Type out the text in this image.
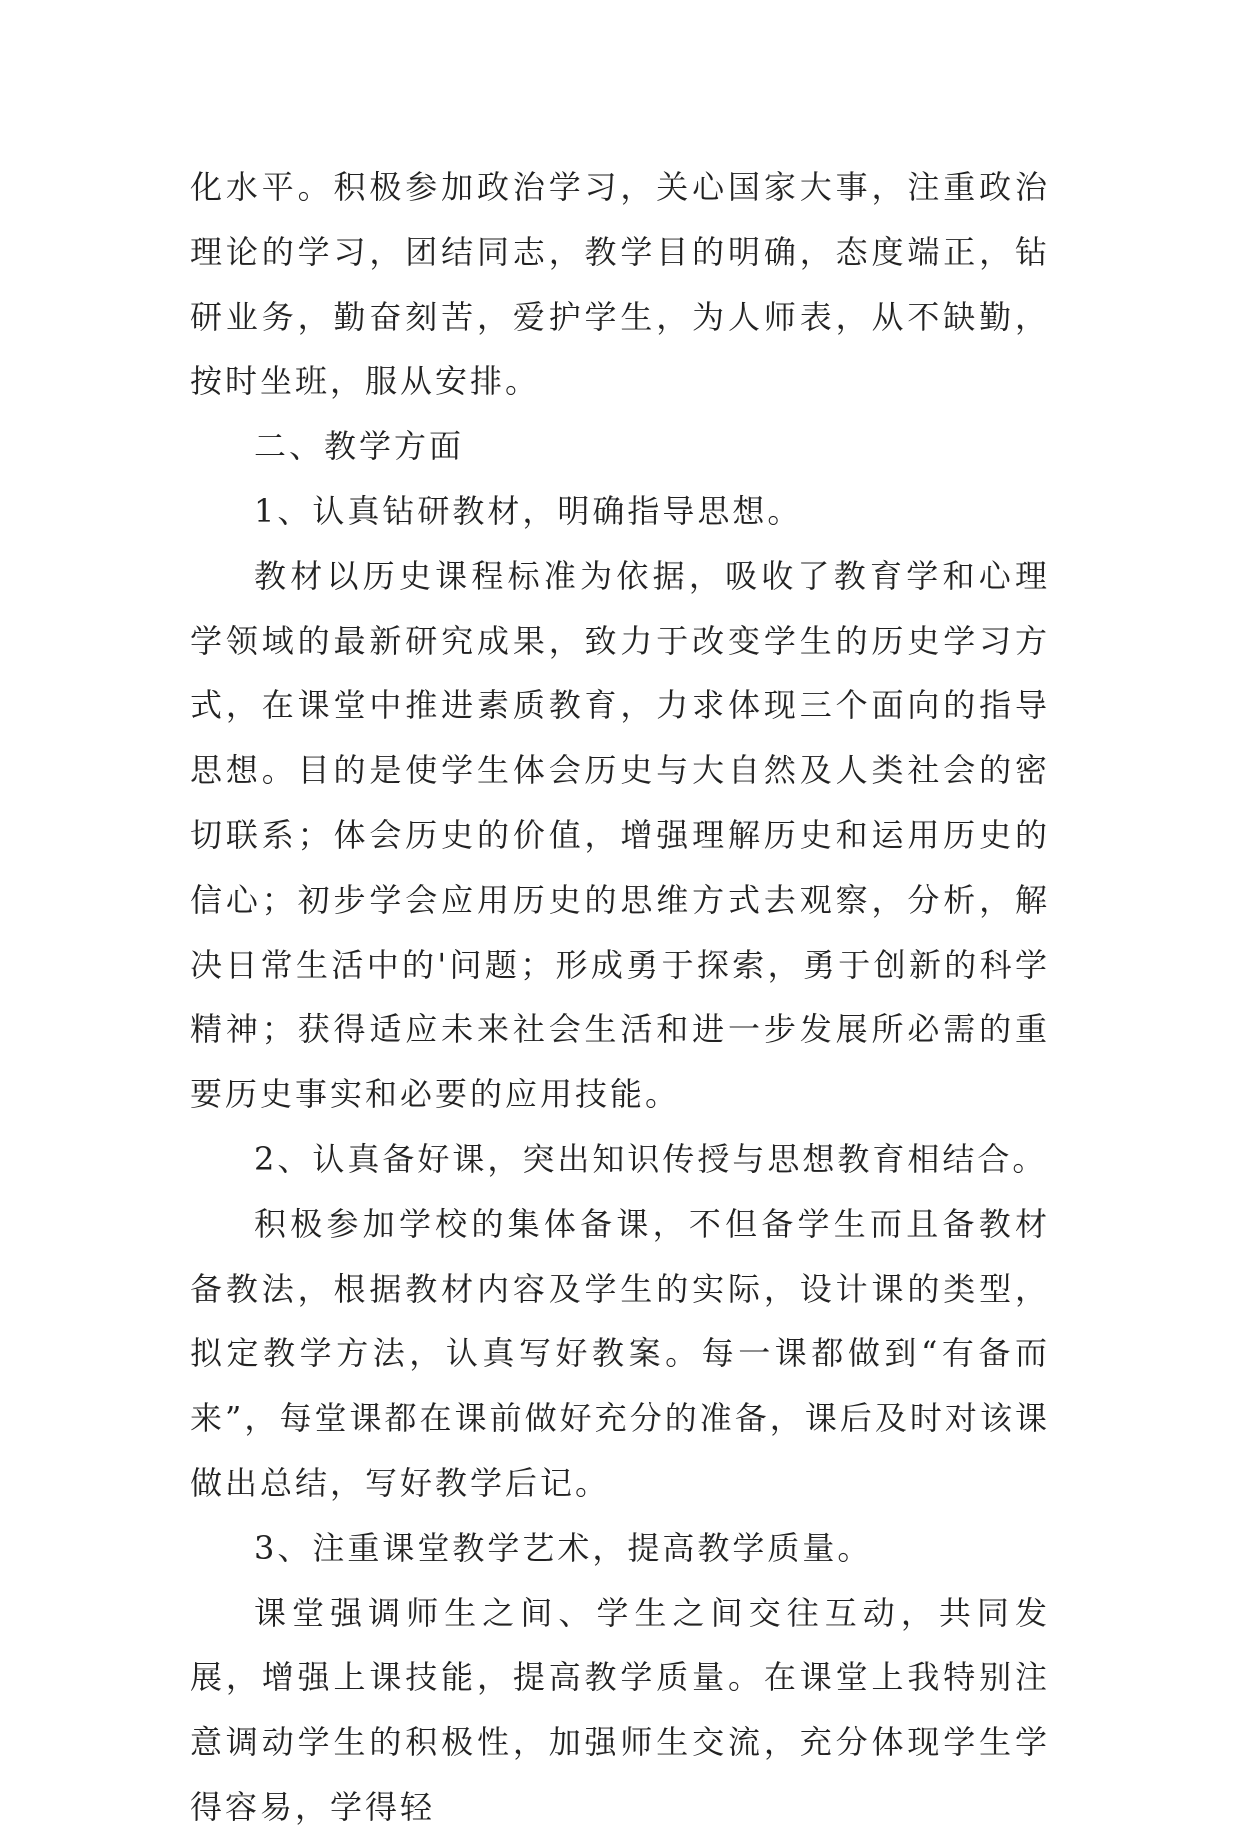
化水平。积极参加政治学习，关心国家大事，注重政治理论的学习，团结同志，教学目的明确，态度端正，钻研业务，勤奋刻苦，爱护学生，为人师表，从不缺勤，按时坐班，服从安排。

二、教学方面

1、认真钻研教材，明确指导思想。

教材以历史课程标准为依据，吸收了教育学和心理学领域的最新研究成果，致力于改变学生的历史学习方式，在课堂中推进素质教育，力求体现三个面向的指导思想。目的是使学生体会历史与大自然及人类社会的密切联系；体会历史的价值，增强理解历史和运用历史的信心；初步学会应用历史的思维方式去观察，分析，解决日常生活中的'问题；形成勇于探索，勇于创新的科学精神；获得适应未来社会生活和进一步发展所必需的重要历史事实和必要的应用技能。

2、认真备好课，突出知识传授与思想教育相结合。

积极参加学校的集体备课，不但备学生而且备教材备教法，根据教材内容及学生的实际，设计课的类型，拟定教学方法，认真写好教案。每一课都做到“有备而来”，每堂课都在课前做好充分的准备，课后及时对该课做出总结，写好教学后记。

3、注重课堂教学艺术，提高教学质量。

课堂强调师生之间、学生之间交往互动，共同发展，增强上课技能，提高教学质量。在课堂上我特别注意调动学生的积极性，加强师生交流，充分体现学生学得容易，学得轻
